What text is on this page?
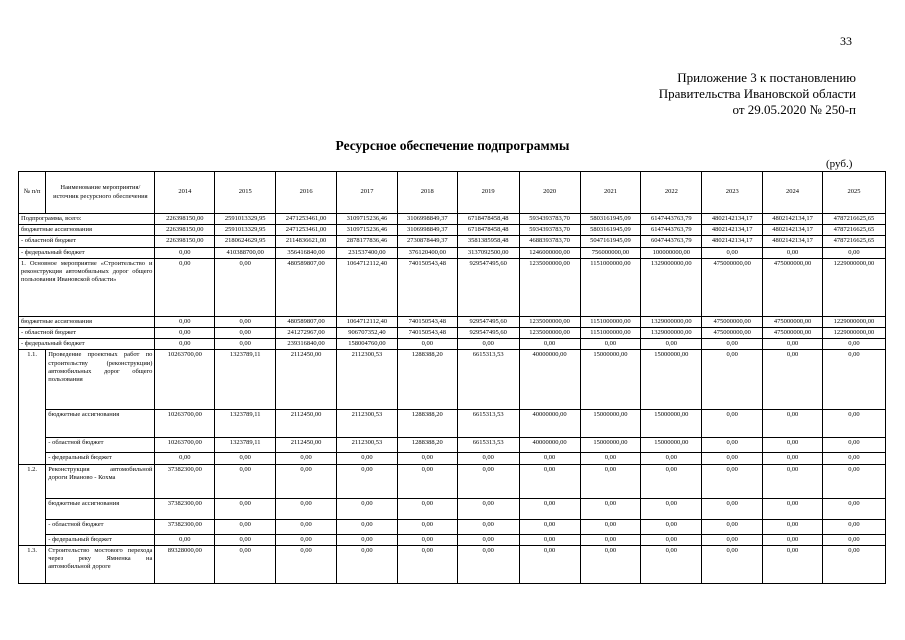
33
Приложение 3 к постановлению
Правительства Ивановской области
от 29.05.2020 № 250-п
Ресурсное обеспечение подпрограммы
(руб.)
№ п/п	Наименование мероприятия/источник ресурсного обеспечения	2014	2015	2016	2017	2018	2019	2020	2021	2022	2023	2024	2025
Подпрограмма, всего:		226398150,00	2591013329,95	2471253461,00	3109715236,46	3106998849,37	6718478458,48	5934393783,70	5803161945,09	6147443763,79	4802142134,17	4802142134,17	4787216625,65
бюджетные ассигнования		226398150,00	2591013329,95	2471253461,00	3109715236,46	3106998849,37	6718478458,48	5934393783,70	5803161945,09	6147443763,79	4802142134,17	4802142134,17	4787216625,65
- областной бюджет		226398150,00	2180624629,95	2114836621,00	2878177836,46	2730878449,37	3581385958,48	4688393783,70	5047161945,09	6047443763,79	4802142134,17	4802142134,17	4787216625,65
- федеральный бюджет		0,00	410388700,00	356416840,00	231537400,00	376120400,00	3137092500,00	1246000000,00	756000000,00	100000000,00	0,00	0,00	0,00
1. Основное мероприятие «Строительство и реконструкция автомобильных дорог общего пользования Ивановской области»		0,00	0,00	480589807,00	1064712112,40	740150543,48	929547495,60	1235000000,00	1151000000,00	1329000000,00	475000000,00	475000000,00	1229000000,00
бюджетные ассигнования		0,00	0,00	480589807,00	1064712112,40	740150543,48	929547495,60	1235000000,00	1151000000,00	1329000000,00	475000000,00	475000000,00	1229000000,00
- областной бюджет		0,00	0,00	241272967,00	906707352,40	740150543,48	929547495,60	1235000000,00	1151000000,00	1329000000,00	475000000,00	475000000,00	1229000000,00
- федеральный бюджет		0,00	0,00	239316840,00	158004760,00	0,00	0,00	0,00	0,00	0,00	0,00	0,00	0,00
1.1.	Проведение проектных работ по строительству (реконструкции) автомобильных дорог общего пользования	10263700,00	1323789,11	2112450,00	2112300,53	1288388,20	6615313,53	40000000,00	15000000,00	15000000,00	0,00	0,00	0,00
	бюджетные ассигнования	10263700,00	1323789,11	2112450,00	2112300,53	1288388,20	6615313,53	40000000,00	15000000,00	15000000,00	0,00	0,00	0,00
	- областной бюджет	10263700,00	1323789,11	2112450,00	2112300,53	1288388,20	6615313,53	40000000,00	15000000,00	15000000,00	0,00	0,00	0,00
	- федеральный бюджет	0,00	0,00	0,00	0,00	0,00	0,00	0,00	0,00	0,00	0,00	0,00	0,00
1.2.	Реконструкция автомобильной дороги Иваново - Кохма	37382300,00	0,00	0,00	0,00	0,00	0,00	0,00	0,00	0,00	0,00	0,00	0,00
	бюджетные ассигнования	37382300,00	0,00	0,00	0,00	0,00	0,00	0,00	0,00	0,00	0,00	0,00	0,00
	- областной бюджет	37382300,00	0,00	0,00	0,00	0,00	0,00	0,00	0,00	0,00	0,00	0,00	0,00
	- федеральный бюджет	0,00	0,00	0,00	0,00	0,00	0,00	0,00	0,00	0,00	0,00	0,00	0,00
1.3.	Строительство мостового перехода через реку Ямненка на автомобильной дороге	89328000,00	0,00	0,00	0,00	0,00	0,00	0,00	0,00	0,00	0,00	0,00	0,00
